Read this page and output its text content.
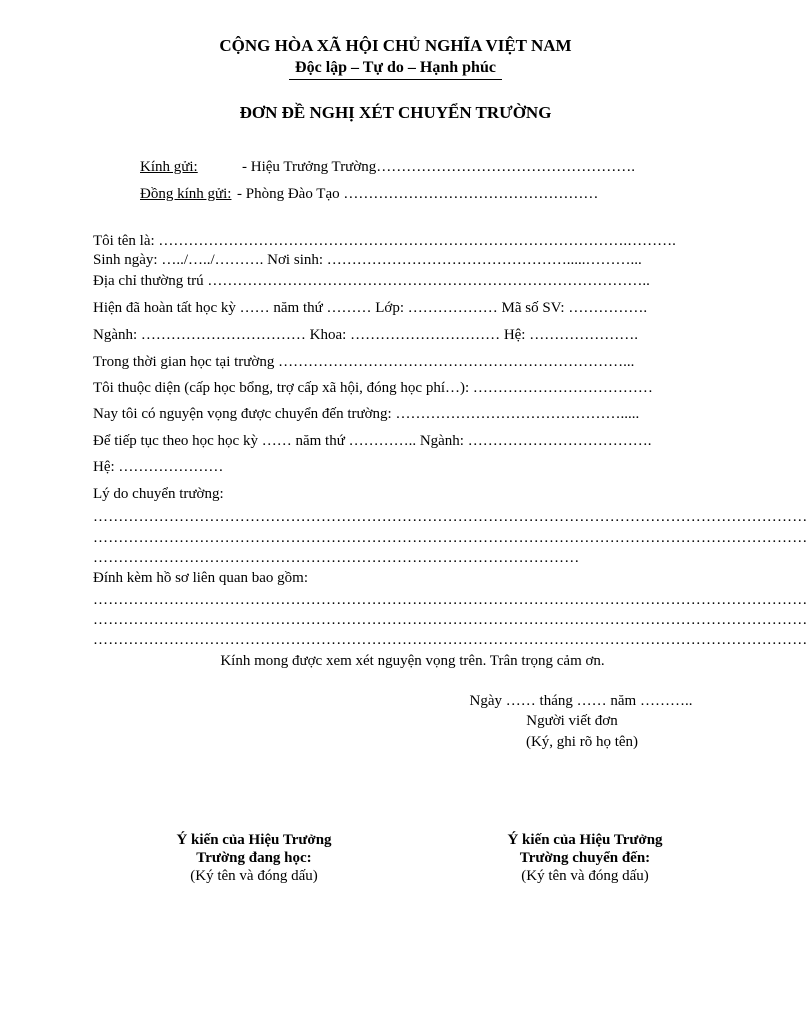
CỘNG HÒA XÃ HỘI CHỦ NGHĨA VIỆT NAM
Độc lập – Tự do – Hạnh phúc
ĐƠN ĐỀ NGHỊ XÉT CHUYỂN TRƯỜNG
Kính gửi:	- Hiệu Trưởng Trường…………………………………………….
Đồng kính gửi: - Phòng Đào Tạo ……………………………………………
Tôi tên là: ………………………………………………………………………………….……….
Sinh ngày: …../…../………. Nơi sinh: ………………………………………….....………...
Địa chỉ thường trú ……………………………………………………………………………..
Hiện đã hoàn tất học kỳ …… năm thứ ……… Lớp: ……………… Mã số SV: …………….
Ngành: …………………………… Khoa: ………………………… Hệ: ………………….
Trong thời gian học tại trường ……………………………………………………………...
Tôi thuộc diện (cấp học bổng, trợ cấp xã hội, đóng học phí…): ………………………………
Nay tôi có nguyện vọng được chuyển đến trường: ……………………………………….....
Để tiếp tục theo học học kỳ …… năm thứ ………….. Ngành: ……………………………….
Hệ: …………………
Lý do chuyển trường:
……………………………………………………………………………………………………………………………
……………………………………………………………………………………………………………………………
……………………………………………………………………………………
Đính kèm hồ sơ liên quan bao gồm:
……………………………………………………………………………………………………………………………
……………………………………………………………………………………………………………………………
……………………………………………………………………………………………………………………………
Kính mong được xem xét nguyện vọng trên. Trân trọng cảm ơn.
Ngày …… tháng …… năm ………..
Người viết đơn
(Ký, ghi rõ họ tên)
Ý kiến của Hiệu Trưởng
Trường đang học:
(Ký tên và đóng dấu)
Ý kiến của Hiệu Trưởng
Trường chuyển đến:
(Ký tên và đóng dấu)
